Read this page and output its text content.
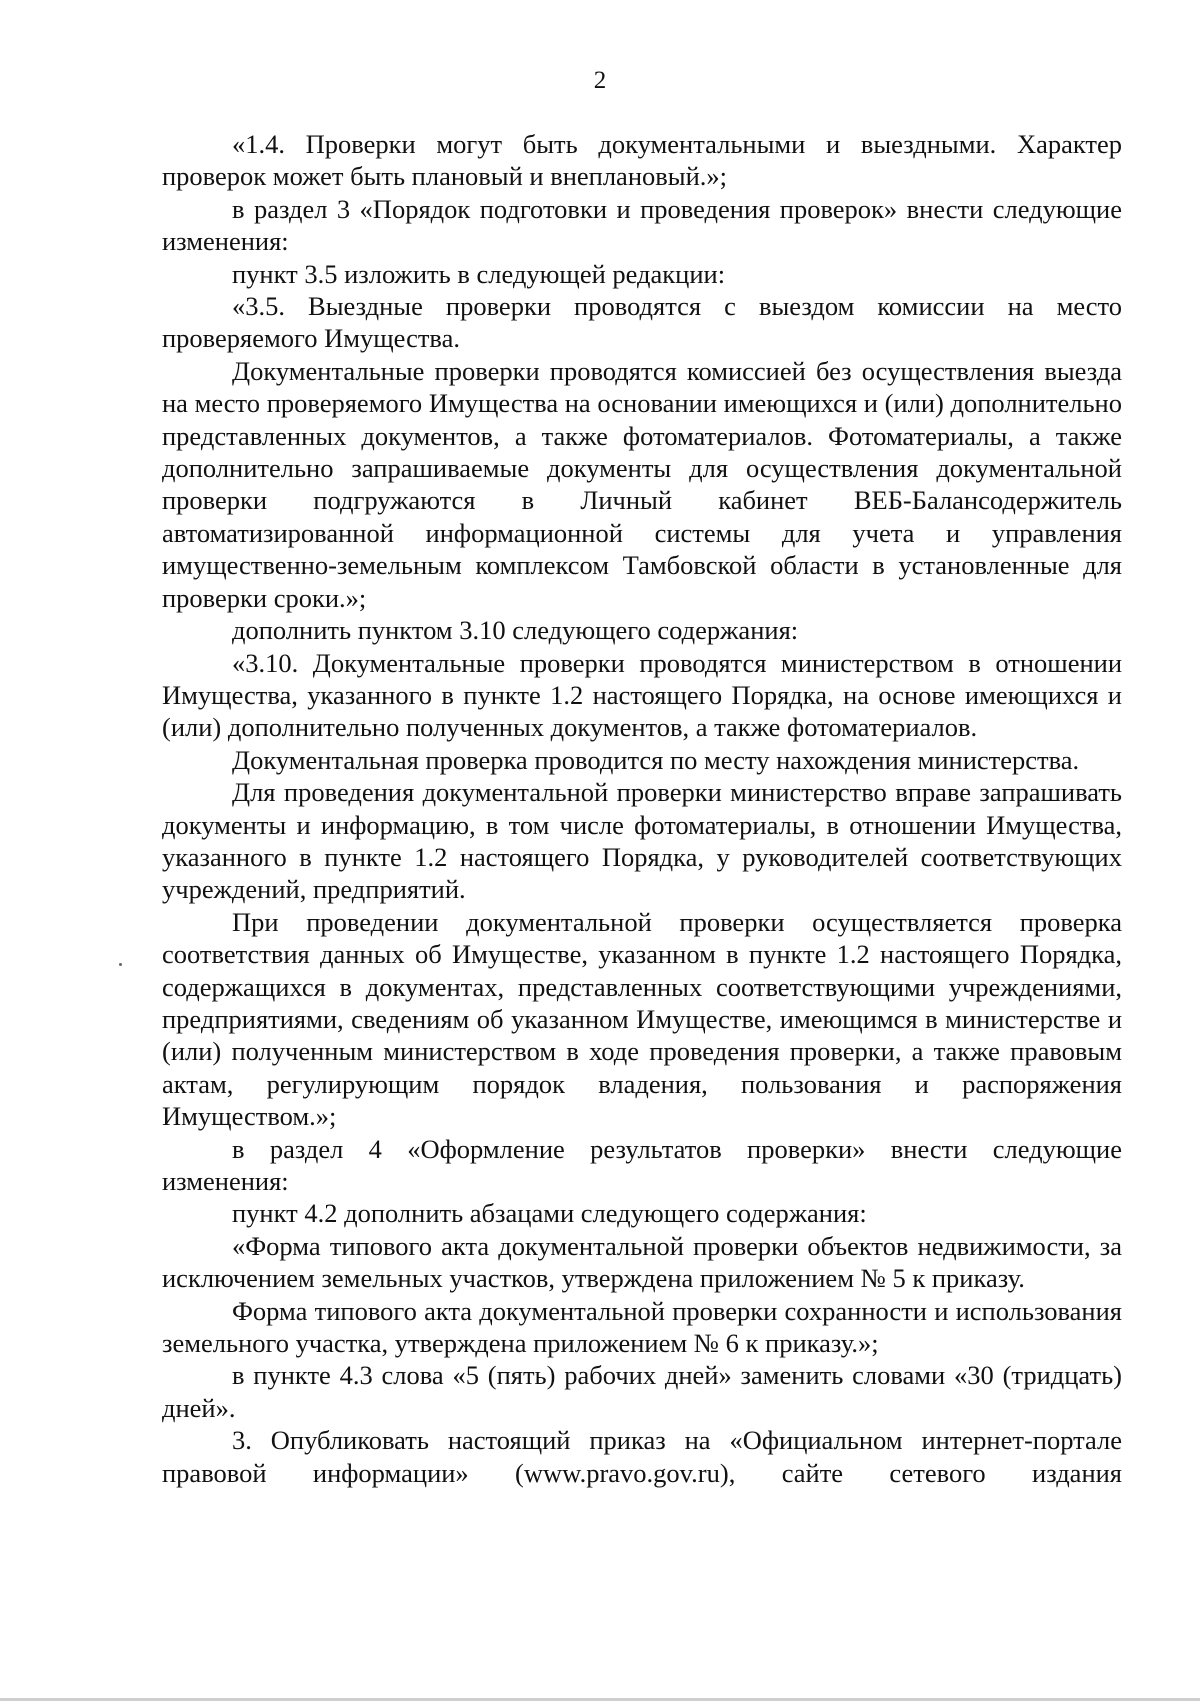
2

«1.4. Проверки могут быть документальными и выездными. Характер проверок может быть плановый и внеплановый.»;

в раздел 3 «Порядок подготовки и проведения проверок» внести следующие изменения:

пункт 3.5 изложить в следующей редакции:

«3.5. Выездные проверки проводятся с выездом комиссии на место проверяемого Имущества.

Документальные проверки проводятся комиссией без осуществления выезда на место проверяемого Имущества на основании имеющихся и (или) дополнительно представленных документов, а также фотоматериалов. Фотоматериалы, а также дополнительно запрашиваемые документы для осуществления документальной проверки подгружаются в Личный кабинет ВЕБ-Балансодержитель автоматизированной информационной системы для учета и управления имущественно-земельным комплексом Тамбовской области в установленные для проверки сроки.»;

дополнить пунктом 3.10 следующего содержания:

«3.10. Документальные проверки проводятся министерством в отношении Имущества, указанного в пункте 1.2 настоящего Порядка, на основе имеющихся и (или) дополнительно полученных документов, а также фотоматериалов.

Документальная проверка проводится по месту нахождения министерства.

Для проведения документальной проверки министерство вправе запрашивать документы и информацию, в том числе фотоматериалы, в отношении Имущества, указанного в пункте 1.2 настоящего Порядка, у руководителей соответствующих учреждений, предприятий.

При проведении документальной проверки осуществляется проверка соответствия данных об Имуществе, указанном в пункте 1.2 настоящего Порядка, содержащихся в документах, представленных соответствующими учреждениями, предприятиями, сведениям об указанном Имуществе, имеющимся в министерстве и (или) полученным министерством в ходе проведения проверки, а также правовым актам, регулирующим порядок владения, пользования и распоряжения Имуществом.»;

в раздел 4 «Оформление результатов проверки» внести следующие изменения:

пункт 4.2 дополнить абзацами следующего содержания:

«Форма типового акта документальной проверки объектов недвижимости, за исключением земельных участков, утверждена приложением № 5 к приказу.

Форма типового акта документальной проверки сохранности и использования земельного участка, утверждена приложением № 6 к приказу.»;

в пункте 4.3 слова «5 (пять) рабочих дней» заменить словами «30 (тридцать) дней».

3. Опубликовать настоящий приказ на «Официальном интернет-портале правовой информации» (www.pravo.gov.ru), сайте сетевого издания
